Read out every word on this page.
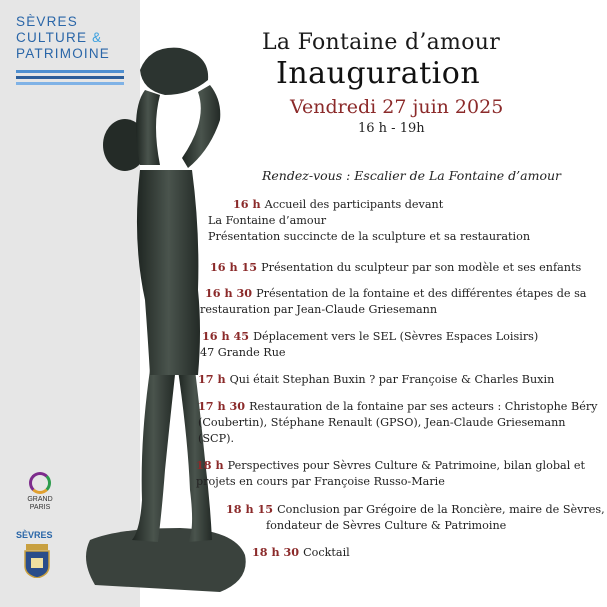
SÈVRES
CULTURE &
PATRIMOINE
GRAND PARIS
SÈVRES
La Fontaine d’amour
Inauguration
Vendredi 27 juin 2025
16 h - 19h
Rendez-vous : Escalier de La Fontaine d’amour
16 h Accueil des participants devant
La Fontaine d’amour
Présentation succincte de la sculpture et sa restauration
16 h 15 Présentation du sculpteur par son modèle et ses enfants
16 h 30 Présentation de la fontaine et des différentes étapes de sa
restauration par Jean-Claude Griesemann
16 h 45 Déplacement vers le SEL (Sèvres Espaces Loisirs)
47 Grande Rue
17 h Qui était Stephan Buxin ? par Françoise & Charles Buxin
17 h 30 Restauration de la fontaine par ses acteurs : Christophe Béry
(Coubertin), Stéphane Renault (GPSO), Jean-Claude Griesemann
(SCP).
18 h Perspectives pour Sèvres Culture & Patrimoine, bilan global et
projets en cours par Françoise Russo-Marie
18 h 15 Conclusion par Grégoire de la Roncière, maire de Sèvres,
fondateur de Sèvres Culture & Patrimoine
18 h 30 Cocktail
